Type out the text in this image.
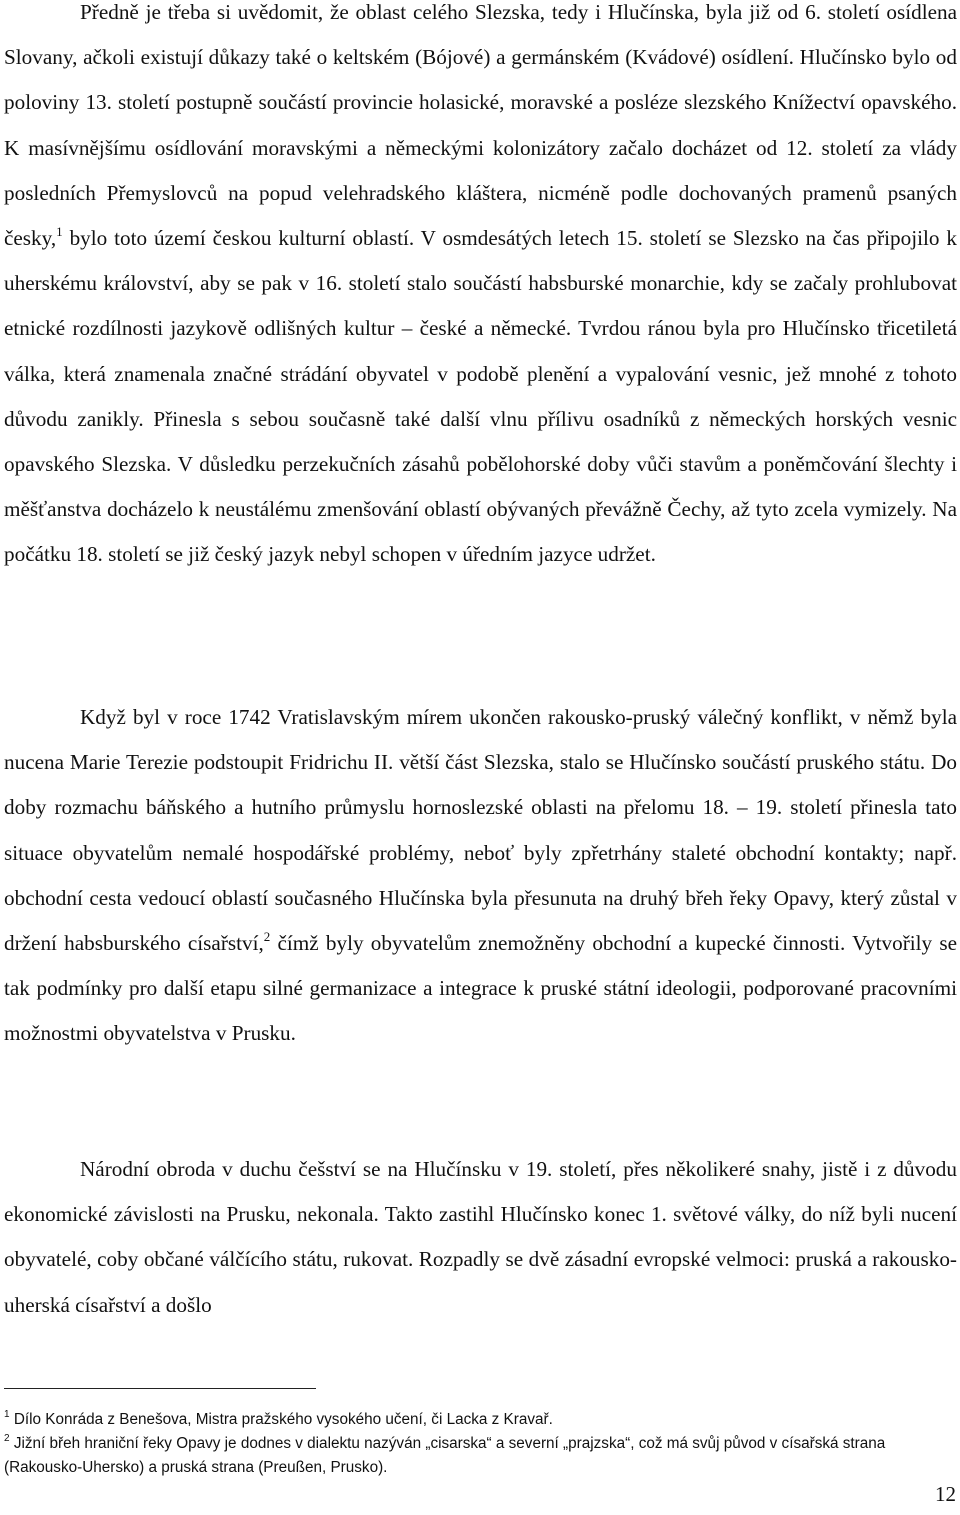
Předně je třeba si uvědomit, že oblast celého Slezska, tedy i Hlučínska, byla již od 6. století osídlena Slovany, ačkoli existují důkazy také o keltském (Bójové) a germánském (Kvádové) osídlení. Hlučínsko bylo od poloviny 13. století postupně součástí provincie holasické, moravské a posléze slezského Knížectví opavského. K masívnějšímu osídlování moravskými a německými kolonizátory začalo docházet od 12. století za vlády posledních Přemyslovců na popud velehradského kláštera, nicméně podle dochovaných pramenů psaných česky,$^1$ bylo toto území českou kulturní oblastí. V osmdesátých letech 15. století se Slezsko na čas připojilo k uherskému království, aby se pak v 16. století stalo součástí habsburské monarchie, kdy se začaly prohlubovat etnické rozdílnosti jazykově odlišných kultur – české a německé. Tvrdou ránou byla pro Hlučínsko třicetiletá válka, která znamenala značné strádání obyvatel v podobě plenění a vypalování vesnic, jež mnohé z tohoto důvodu zanikly. Přinesla s sebou současně také další vlnu přílivu osadníků z německých horských vesnic opavského Slezska. V důsledku perzekučních zásahů pobělohorské doby vůči stavům a poněmčování šlechty i měšťanstva docházelo k neustálému zmenšování oblastí obývaných převážně Čechy, až tyto zcela vymizely. Na počátku 18. století se již český jazyk nebyl schopen v úředním jazyce udržet.

Když byl v roce 1742 Vratislavským mírem ukončen rakousko-pruský válečný konflikt, v němž byla nucena Marie Terezie podstoupit Fridrichu II. větší část Slezska, stalo se Hlučínsko součástí pruského státu. Do doby rozmachu báňského a hutního průmyslu hornoslezské oblasti na přelomu 18. – 19. století přinesla tato situace obyvatelům nemalé hospodářské problémy, neboť byly zpřetrhány staleté obchodní kontakty; např. obchodní cesta vedoucí oblastí současného Hlučínska byla přesunuta na druhý břeh řeky Opavy, který zůstal v držení habsburského císařství,$^2$ čímž byly obyvatelům znemožněny obchodní a kupecké činnosti. Vytvořily se tak podmínky pro další etapu silné germanizace a integrace k pruské státní ideologii, podporované pracovními možnostmi obyvatelstva v Prusku.

Národní obroda v duchu češství se na Hlučínsku v 19. století, přes několikeré snahy, jistě i z důvodu ekonomické závislosti na Prusku, nekonala. Takto zastihl Hlučínsko konec 1. světové války, do níž byli nucení obyvatelé, coby občané válčícího státu, rukovat. Rozpadly se dvě zásadní evropské velmoci: pruská a rakousko-uherská císařství a došlo

$^1$ Dílo Konráda z Benešova, Mistra pražského vysokého učení, či Lacka z Kravař.

$^2$ Jižní břeh hraniční řeky Opavy je dodnes v dialektu nazýván „cisarska“ a severní „prajzska“, což má svůj původ v císařská strana (Rakousko-Uhersko) a pruská strana (Preußen, Prusko).

12
